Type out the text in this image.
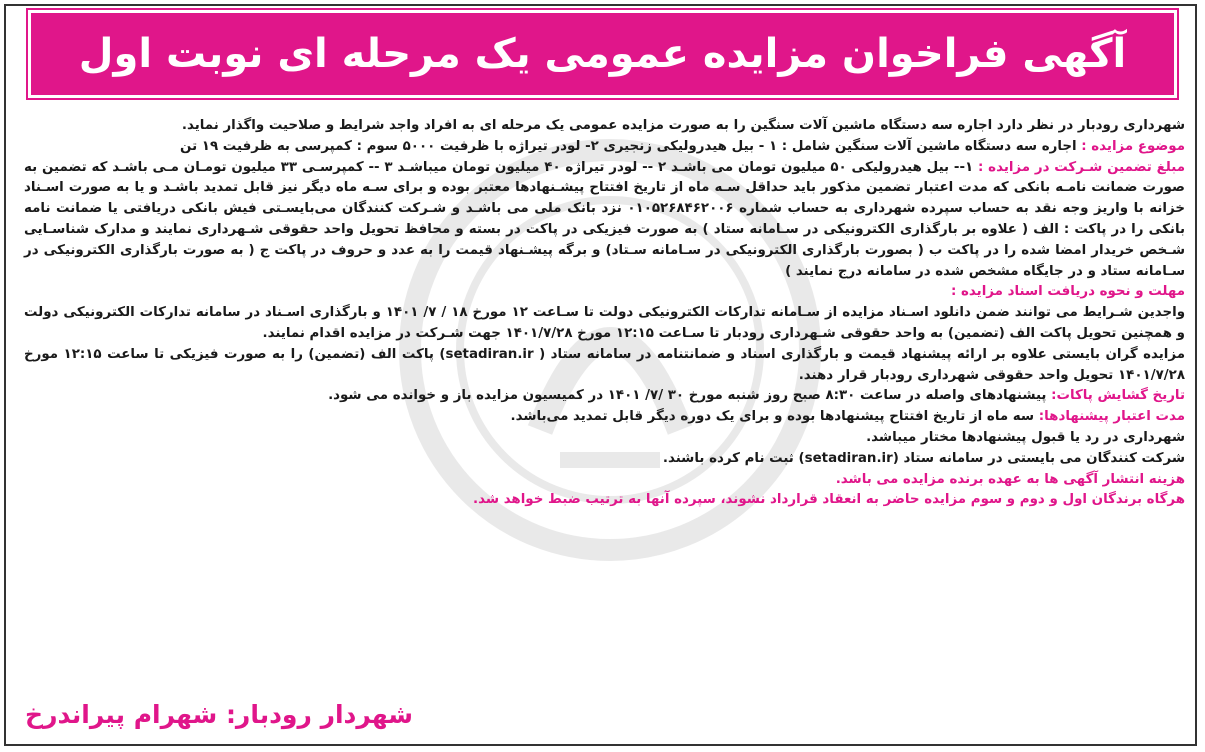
آگهی فراخوان مزایده عمومی یک مرحله ای نوبت اول

شهرداری رودبار در نظر دارد اجاره سه دستگاه ماشین آلات سنگین را به صورت مزایده عمومی یک مرحله ای به افراد واجد شرایط و صلاحیت واگذار نماید.

موضوع مزایده : اجاره سه دستگاه ماشین آلات سنگین شامل : ۱ - بیل هیدرولیکی زنجیری ۲- لودر تیراژه با ظرفیت ۵۰۰۰ سوم : کمپرسی به ظرفیت ۱۹ تن

مبلغ تضمین شـرکت در مزایده : ۱-- بیل هیدرولیکی ۵۰ میلیون تومان می باشـد ۲ -- لودر تیراژه ۴۰ میلیون تومان میباشـد ۳ -- کمپرسـی ۳۳ میلیون تومـان مـی باشـد که تضمین به صورت ضمانت نامـه بانکی که مدت اعتبار تضمین مذکور باید حداقل سـه ماه از تاریخ افتتاح پیشـنهادها معتبر بوده و برای سـه ماه دیگر نیز قابل تمدید باشـد و یا به صورت اسـناد خزانه با واریز وجه نقد به حساب سپرده شهرداری به حساب شماره ۰۱۰۵۲۶۸۴۶۲۰۰۶ نزد بانک ملی می باشـد و شـرکت کنندگان می‌بایسـتی فیش بانکی دریافتی یا ضمانت نامه بانکی را در پاکت : الف ( علاوه بر بارگذاری الکترونیکی در سـامانه ستاد ) به صورت فیزیکی در پاکت در بسته و محافظ تحویل واحد حقوقی شـهرداری نمایند و مدارک شناسـایی شـخص خریدار امضا شده را در پاکت ب ( بصورت بارگذاری الکترونیکی در سـامانه سـتاد) و برگه پیشـنهاد قیمت را به عدد و حروف در پاکت ج ( به صورت بارگذاری الکترونیکی در سـامانه ستاد و در جایگاه مشخص شده در سامانه درج نمایند )

مهلت و نحوه دریافت اسناد مزایده :

واجدین شـرایط می توانند ضمن دانلود اسـناد مزایده از سـامانه تدارکات الکترونیکی دولت تا سـاعت ۱۲ مورخ ۱۸ / ۷/ ۱۴۰۱ و بارگذاری اسـناد در سامانه تدارکات الکترونیکی دولت و همچنین تحویل پاکت الف (تضمین) به واحد حقوقی شـهرداری رودبار تا سـاعت ۱۲:۱۵ مورخ ۱۴۰۱/۷/۲۸ جهت شـرکت در مزایده اقدام نمایند.

مزایده گران بایستی علاوه بر ارائه پیشنهاد قیمت و بارگذاری اسناد و ضمانتنامه در سامانه ستاد ( setadiran.ir) پاکت الف (تضمین) را به صورت فیزیکی تا ساعت ۱۲:۱۵ مورخ ۱۴۰۱/۷/۲۸ تحویل واحد حقوقی شهرداری رودبار قرار دهند.

تاریخ گشایش پاکات: پیشنهادهای واصله در ساعت ۸:۳۰ صبح روز شنبه مورخ ۳۰ /۷/ ۱۴۰۱ در کمیسیون مزایده باز و خوانده می شود.

مدت اعتبار پیشنهادها: سه ماه از تاریخ افتتاح پیشنهادها بوده و برای یک دوره دیگر قابل تمدید می‌باشد.

شهرداری در رد یا قبول پیشنهادها مختار میباشد.

شرکت کنندگان می بایستی در سامانه ستاد (setadiran.ir) ثبت نام کرده باشند.

هزینه انتشار آگهی ها به عهده برنده مزایده می باشد.

هرگاه برندگان اول و دوم و سوم مزایده حاضر به انعقاد قرارداد نشوند، سپرده آنها به ترتیب ضبط خواهد شد.

شهردار رودبار: شهرام پیراندرخ
